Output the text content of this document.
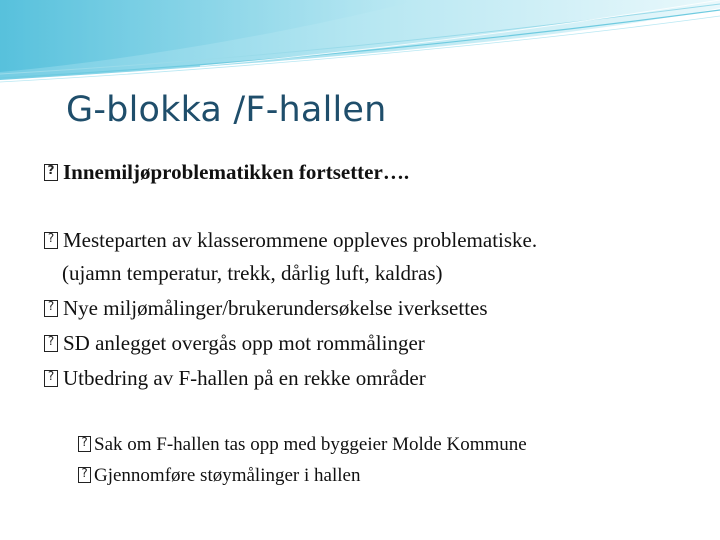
G-blokka /F-hallen
?Innemiljøproblematikken fortsetter….
?Mesteparten av klasserommene oppleves problematiske.
(ujamn temperatur, trekk, dårlig luft, kaldras)
?Nye miljømålinger/brukerundersøkelse iverksettes
?SD anlegget overgås opp mot rommålinger
?Utbedring av F-hallen på en rekke områder
?Sak om F-hallen tas opp med byggeier Molde Kommune
?Gjennomføre støymålinger i hallen
